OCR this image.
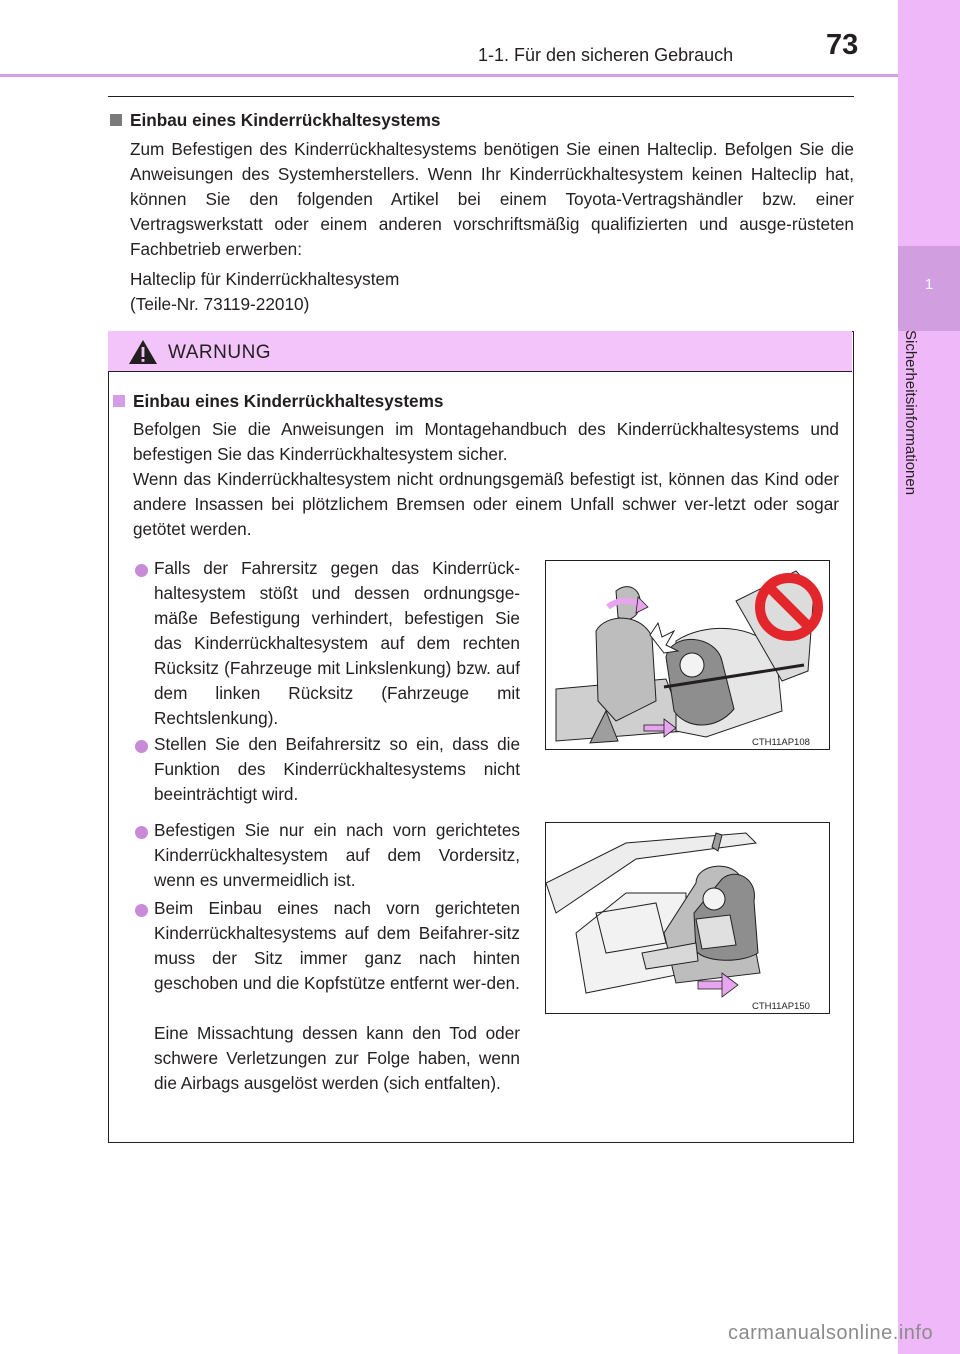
1-1. Für den sicheren Gebrauch	73
1
Sicherheitsinformationen
Einbau eines Kinderrückhaltesystems
Zum Befestigen des Kinderrückhaltesystems benötigen Sie einen Halteclip. Befolgen Sie die Anweisungen des Systemherstellers. Wenn Ihr Kinderrückhaltesystem keinen Halteclip hat, können Sie den folgenden Artikel bei einem Toyota-Vertragshändler bzw. einer Vertragswerkstatt oder einem anderen vorschriftsmäßig qualifizierten und ausge-rüsteten Fachbetrieb erwerben:
Halteclip für Kinderrückhaltesystem
(Teile-Nr. 73119-22010)
WARNUNG
Einbau eines Kinderrückhaltesystems
Befolgen Sie die Anweisungen im Montagehandbuch des Kinderrückhaltesystems und befestigen Sie das Kinderrückhaltesystem sicher.
Wenn das Kinderrückhaltesystem nicht ordnungsgemäß befestigt ist, können das Kind oder andere Insassen bei plötzlichem Bremsen oder einem Unfall schwer ver-letzt oder sogar getötet werden.
Falls der Fahrersitz gegen das Kinderrück-haltesystem stößt und dessen ordnungsge-mäße Befestigung verhindert, befestigen Sie das Kinderrückhaltesystem auf dem rechten Rücksitz (Fahrzeuge mit Linkslenkung) bzw. auf dem linken Rücksitz (Fahrzeuge mit Rechtslenkung).
Stellen Sie den Beifahrersitz so ein, dass die Funktion des Kinderrückhaltesystems nicht beeinträchtigt wird.
Befestigen Sie nur ein nach vorn gerichtetes Kinderrückhaltesystem auf dem Vordersitz, wenn es unvermeidlich ist.
Beim Einbau eines nach vorn gerichteten Kinderrückhaltesystems auf dem Beifahrer-sitz muss der Sitz immer ganz nach hinten geschoben und die Kopfstütze entfernt wer-den.
Eine Missachtung dessen kann den Tod oder schwere Verletzungen zur Folge haben, wenn die Airbags ausgelöst werden (sich entfalten).
CTH11AP108
CTH11AP150
carmanualsonline.info
